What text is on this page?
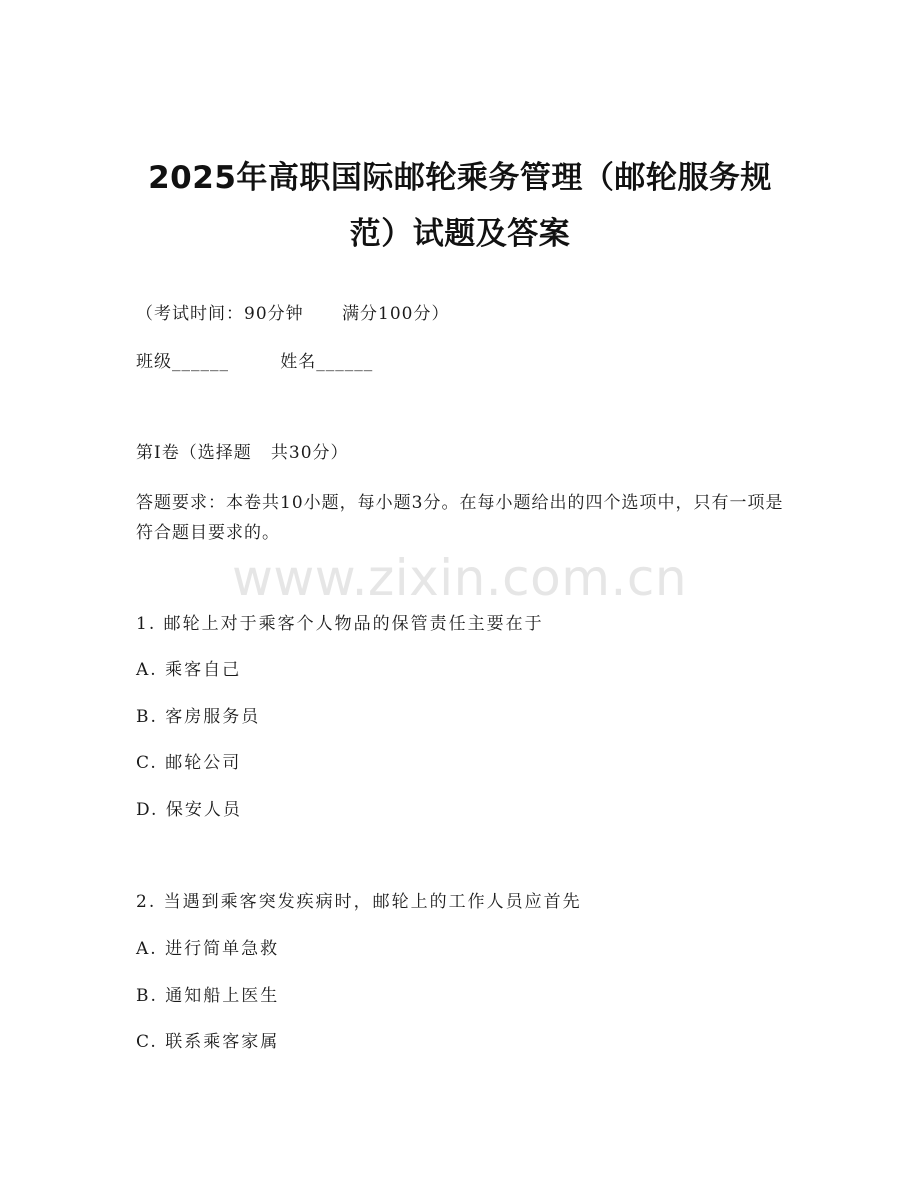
2025年高职国际邮轮乘务管理（邮轮服务规
范）试题及答案
（考试时间：90分钟      满分100分）
班级______        姓名______
第I卷（选择题   共30分）
答题要求：本卷共10小题，每小题3分。在每小题给出的四个选项中，只有一项是符合题目要求的。
www.zixin.com.cn
1. 邮轮上对于乘客个人物品的保管责任主要在于
A. 乘客自己
B. 客房服务员
C. 邮轮公司
D. 保安人员
2. 当遇到乘客突发疾病时，邮轮上的工作人员应首先
A. 进行简单急救
B. 通知船上医生
C. 联系乘客家属
